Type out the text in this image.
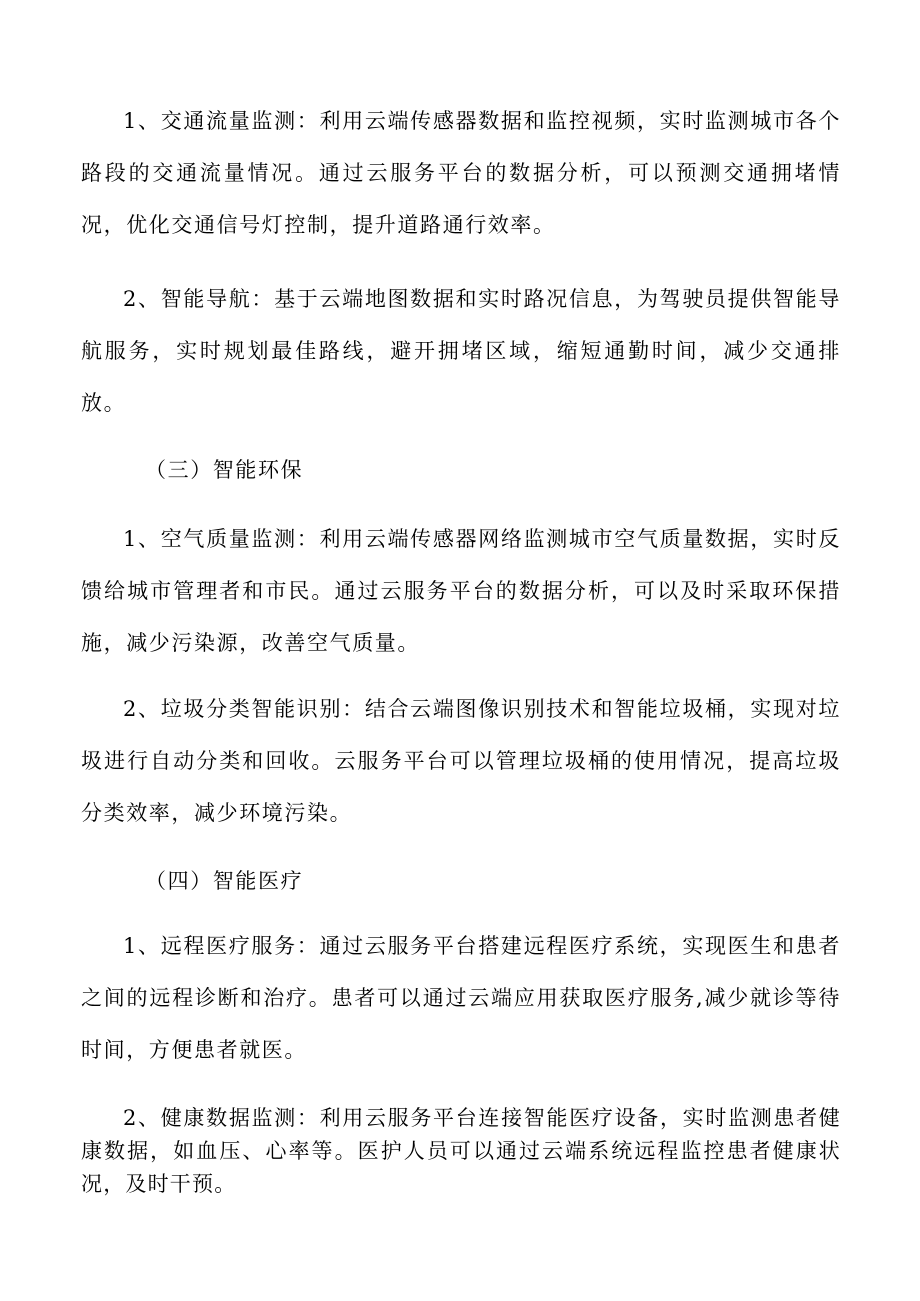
1、交通流量监测：利用云端传感器数据和监控视频，实时监测城市各个路段的交通流量情况。通过云服务平台的数据分析，可以预测交通拥堵情况，优化交通信号灯控制，提升道路通行效率。

2、智能导航：基于云端地图数据和实时路况信息，为驾驶员提供智能导航服务，实时规划最佳路线，避开拥堵区域，缩短通勤时间，减少交通排放。

（三）智能环保

1、空气质量监测：利用云端传感器网络监测城市空气质量数据，实时反馈给城市管理者和市民。通过云服务平台的数据分析，可以及时采取环保措施，减少污染源，改善空气质量。

2、垃圾分类智能识别：结合云端图像识别技术和智能垃圾桶，实现对垃圾进行自动分类和回收。云服务平台可以管理垃圾桶的使用情况，提高垃圾分类效率，减少环境污染。

（四）智能医疗

1、远程医疗服务：通过云服务平台搭建远程医疗系统，实现医生和患者之间的远程诊断和治疗。患者可以通过云端应用获取医疗服务,减少就诊等待时间，方便患者就医。

2、健康数据监测：利用云服务平台连接智能医疗设备，实时监测患者健康数据，如血压、心率等。医护人员可以通过云端系统远程监控患者健康状况，及时干预。
